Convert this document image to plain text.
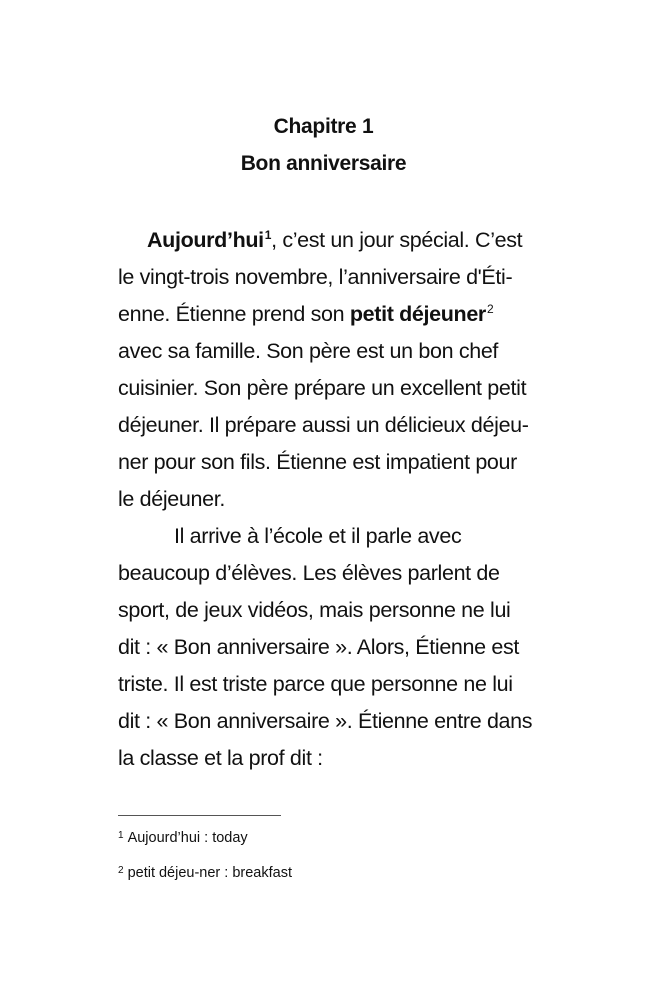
Chapitre 1
Bon anniversaire
Aujourd’hui$^1$, c’est un jour spécial. C’est
le vingt-trois novembre, l’anniversaire d'Éti-
enne. Étienne prend son petit déjeuner$^2$
avec sa famille. Son père est un bon chef
cuisinier. Son père prépare un excellent petit
déjeuner. Il prépare aussi un délicieux déjeu-
ner pour son fils. Étienne est impatient pour
le déjeuner.
Il arrive à l’école et il parle avec
beaucoup d’élèves. Les élèves parlent de
sport, de jeux vidéos, mais personne ne lui
dit : « Bon anniversaire ». Alors, Étienne est
triste. Il est triste parce que personne ne lui
dit : « Bon anniversaire ». Étienne entre dans
la classe et la prof dit :
$^1$ Aujourd’hui : today
$^2$ petit déjeu-ner : breakfast
